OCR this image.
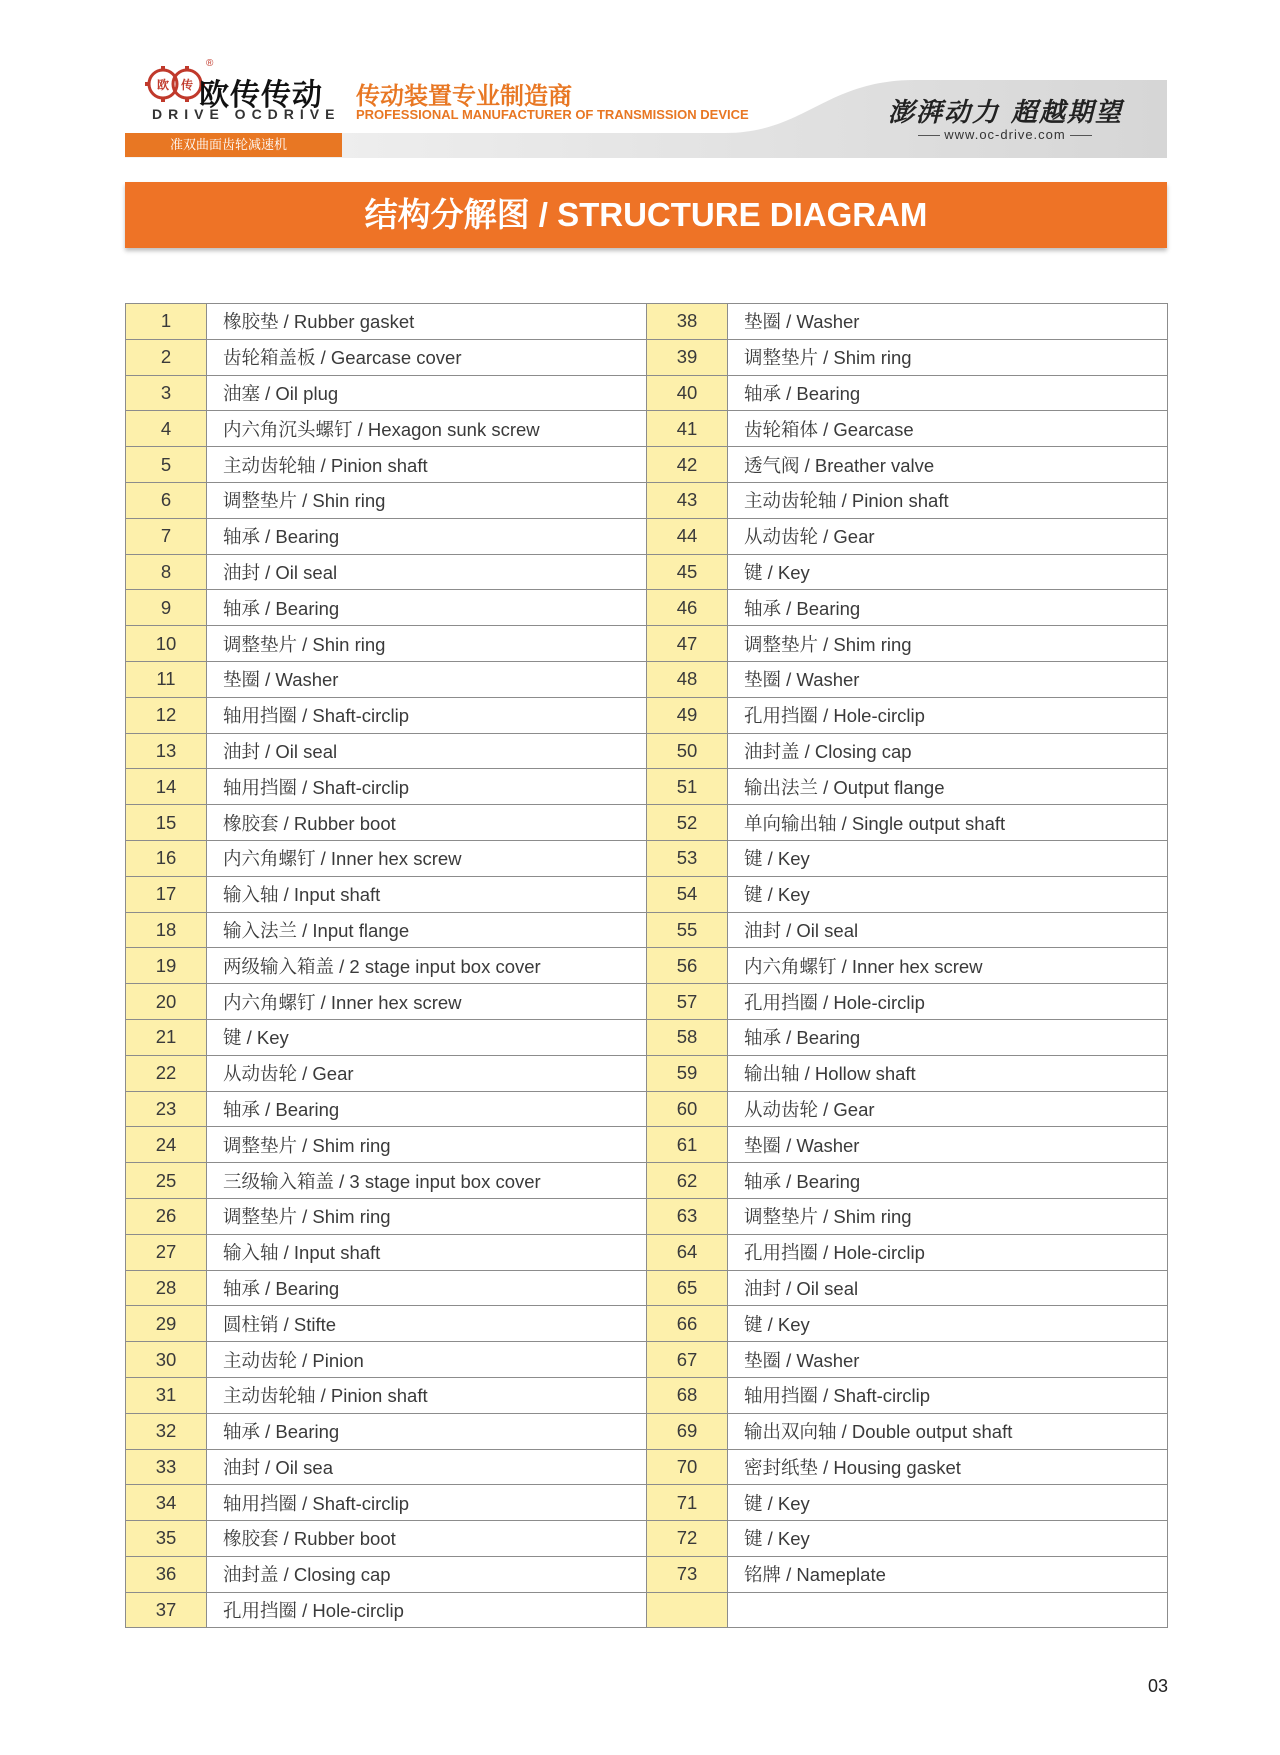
欧 传
®
欧传传动
DRIVE OCDRIVE
传动装置专业制造商
PROFESSIONAL MANUFACTURER OF TRANSMISSION DEVICE	澎湃动力 超越期望
www.oc-drive.com
准双曲面齿轮减速机
结构分解图 / STRUCTURE DIAGRAM
1	橡胶垫 / Rubber gasket	38	垫圈 / Washer
2	齿轮箱盖板 / Gearcase cover	39	调整垫片 / Shim ring
3	油塞 / Oil plug	40	轴承 / Bearing
4	内六角沉头螺钉 / Hexagon sunk screw	41	齿轮箱体 / Gearcase
5	主动齿轮轴 / Pinion shaft	42	透气阀 / Breather valve
6	调整垫片 / Shin ring	43	主动齿轮轴 / Pinion shaft
7	轴承 / Bearing	44	从动齿轮 / Gear
8	油封 / Oil seal	45	键 / Key
9	轴承 / Bearing	46	轴承 / Bearing
10	调整垫片 / Shin ring	47	调整垫片 / Shim ring
11	垫圈 / Washer	48	垫圈 / Washer
12	轴用挡圈 / Shaft-circlip	49	孔用挡圈 / Hole-circlip
13	油封 / Oil seal	50	油封盖 / Closing cap
14	轴用挡圈 / Shaft-circlip	51	输出法兰 / Output flange
15	橡胶套 / Rubber boot	52	单向输出轴 / Single output shaft
16	内六角螺钉 / Inner hex screw	53	键 / Key
17	输入轴 / Input shaft	54	键 / Key
18	输入法兰 / Input flange	55	油封 / Oil seal
19	两级输入箱盖 / 2 stage input box cover	56	内六角螺钉 / Inner hex screw
20	内六角螺钉 / Inner hex screw	57	孔用挡圈 / Hole-circlip
21	键 / Key	58	轴承 / Bearing
22	从动齿轮 / Gear	59	输出轴 / Hollow shaft
23	轴承 / Bearing	60	从动齿轮 / Gear
24	调整垫片 / Shim ring	61	垫圈 / Washer
25	三级输入箱盖 / 3 stage input box cover	62	轴承 / Bearing
26	调整垫片 / Shim ring	63	调整垫片 / Shim ring
27	输入轴 / Input shaft	64	孔用挡圈 / Hole-circlip
28	轴承 / Bearing	65	油封 / Oil seal
29	圆柱销 / Stifte	66	键 / Key
30	主动齿轮 / Pinion	67	垫圈 / Washer
31	主动齿轮轴 / Pinion shaft	68	轴用挡圈 / Shaft-circlip
32	轴承 / Bearing	69	输出双向轴 / Double output shaft
33	油封 / Oil sea	70	密封纸垫 / Housing gasket
34	轴用挡圈 / Shaft-circlip	71	键 / Key
35	橡胶套 / Rubber boot	72	键 / Key
36	油封盖 / Closing cap	73	铭牌 / Nameplate
37	孔用挡圈 / Hole-circlip		
03
